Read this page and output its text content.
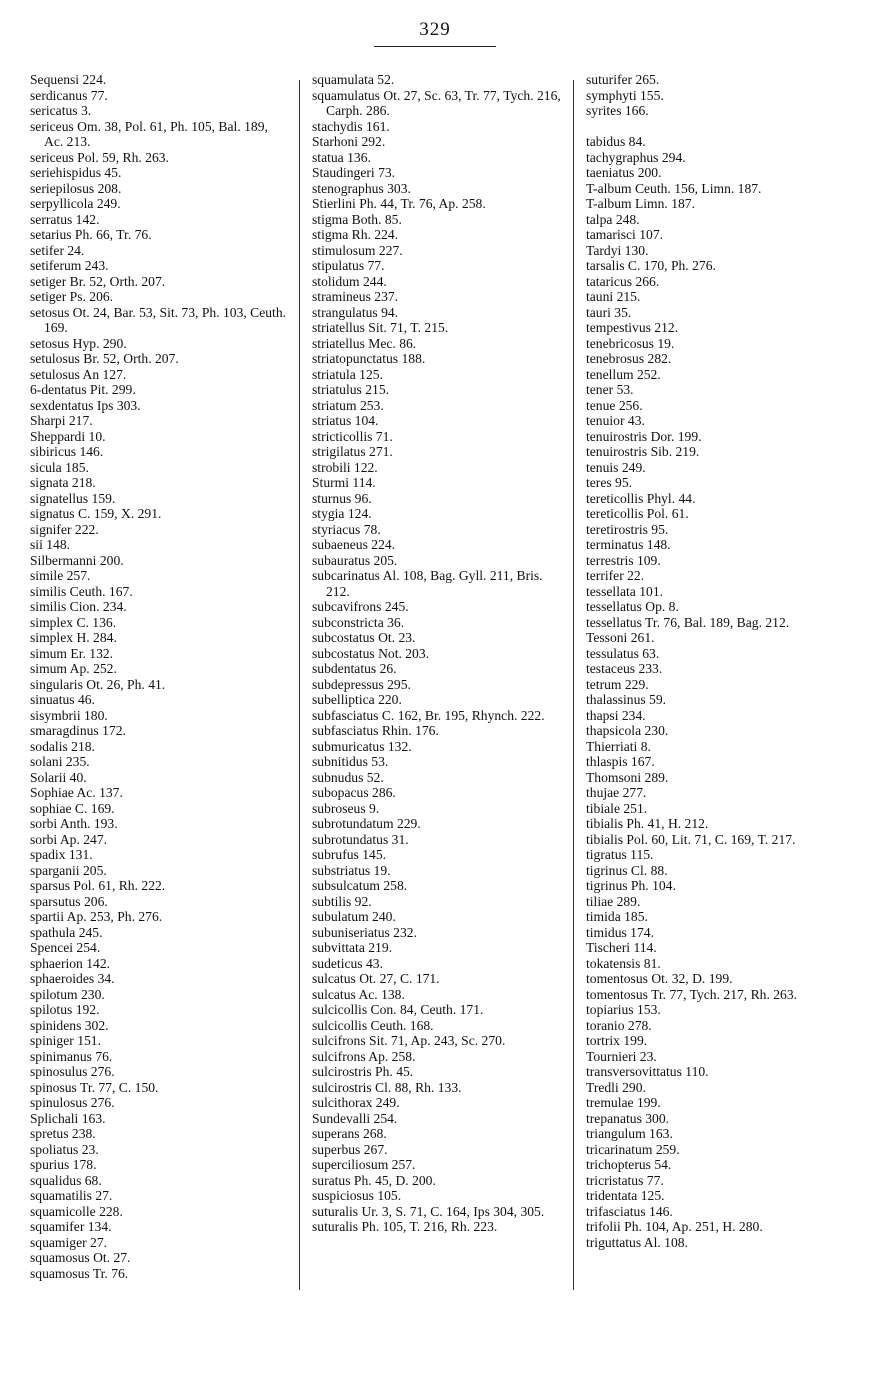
329
Sequensi 224.
serdicanus 77.
sericatus 3.
sericeus Om. 38, Pol. 61, Ph. 105, Bal. 189, Ac. 213.
sericeus Pol. 59, Rh. 263.
seriehispidus 45.
seriepilosus 208.
serpyllicola 249.
serratus 142.
setarius Ph. 66, Tr. 76.
setifer 24.
setiferum 243.
setiger Br. 52, Orth. 207.
setiger Ps. 206.
setosus Ot. 24, Bar. 53, Sit. 73, Ph. 103, Ceuth. 169.
setosus Hyp. 290.
setulosus Br. 52, Orth. 207.
setulosus An 127.
6-dentatus Pit. 299.
sexdentatus Ips 303.
Sharpi 217.
Sheppardi 10.
sibiricus 146.
sicula 185.
signata 218.
signatellus 159.
signatus C. 159, X. 291.
signifer 222.
sii 148.
Silbermanni 200.
simile 257.
similis Ceuth. 167.
similis Cion. 234.
simplex C. 136.
simplex H. 284.
simum Er. 132.
simum Ap. 252.
singularis Ot. 26, Ph. 41.
sinuatus 46.
sisymbrii 180.
smaragdinus 172.
sodalis 218.
solani 235.
Solarii 40.
Sophiae Ac. 137.
sophiae C. 169.
sorbi Anth. 193.
sorbi Ap. 247.
spadix 131.
sparganii 205.
sparsus Pol. 61, Rh. 222.
sparsutus 206.
spartii Ap. 253, Ph. 276.
spathula 245.
Spencei 254.
sphaerion 142.
sphaeroides 34.
spilotum 230.
spilotus 192.
spinidens 302.
spiniger 151.
spinimanus 76.
spinosulus 276.
spinosus Tr. 77, C. 150.
spinulosus 276.
Splichali 163.
spretus 238.
spoliatus 23.
spurius 178.
squalidus 68.
squamatilis 27.
squamicolle 228.
squamifer 134.
squamiger 27.
squamosus Ot. 27.
squamosus Tr. 76.
squamulata 52.
squamulatus Ot. 27, Sc. 63, Tr. 77, Tych. 216, Carph. 286.
stachydis 161.
Starhoni 292.
statua 136.
Staudingeri 73.
stenographus 303.
Stierlini Ph. 44, Tr. 76, Ap. 258.
stigma Both. 85.
stigma Rh. 224.
stimulosum 227.
stipulatus 77.
stolidum 244.
stramineus 237.
strangulatus 94.
striatellus Sit. 71, T. 215.
striatellus Mec. 86.
striatopunctatus 188.
striatula 125.
striatulus 215.
striatum 253.
striatus 104.
stricticollis 71.
strigilatus 271.
strobili 122.
Sturmi 114.
sturnus 96.
stygia 124.
styriacus 78.
subaeneus 224.
subauratus 205.
subcarinatus Al. 108, Bag. Gyll. 211, Bris. 212.
subcavifrons 245.
subconstricta 36.
subcostatus Ot. 23.
subcostatus Not. 203.
subdentatus 26.
subdepressus 295.
subelliptica 220.
subfasciatus C. 162, Br. 195, Rhynch. 222.
subfasciatus Rhin. 176.
submuricatus 132.
subnitidus 53.
subnudus 52.
subopacus 286.
subroseus 9.
subrotundatum 229.
subrotundatus 31.
subrufus 145.
substriatus 19.
subsulcatum 258.
subtilis 92.
subulatum 240.
subuniseriatus 232.
subvittata 219.
sudeticus 43.
sulcatus Ot. 27, C. 171.
sulcatus Ac. 138.
sulcicollis Con. 84, Ceuth. 171.
sulcicollis Ceuth. 168.
sulcifrons Sit. 71, Ap. 243, Sc. 270.
sulcifrons Ap. 258.
sulcirostris Ph. 45.
sulcirostris Cl. 88, Rh. 133.
sulcithorax 249.
Sundevalli 254.
superans 268.
superbus 267.
superciliosum 257.
suratus Ph. 45, D. 200.
suspiciosus 105.
suturalis Ur. 3, S. 71, C. 164, Ips 304, 305.
suturalis Ph. 105, T. 216, Rh. 223.
suturifer 265.
symphyti 155.
syrites 166.
tabidus 84.
tachygraphus 294.
taeniatus 200.
T-album Ceuth. 156, Limn. 187.
T-album Limn. 187.
talpa 248.
tamarisci 107.
Tardyi 130.
tarsalis C. 170, Ph. 276.
tataricus 266.
tauni 215.
tauri 35.
tempestivus 212.
tenebricosus 19.
tenebrosus 282.
tenellum 252.
tener 53.
tenue 256.
tenuior 43.
tenuirostris Dor. 199.
tenuirostris Sib. 219.
tenuis 249.
teres 95.
tereticollis Phyl. 44.
tereticollis Pol. 61.
teretirostris 95.
terminatus 148.
terrestris 109.
terrifer 22.
tessellata 101.
tessellatus Op. 8.
tessellatus Tr. 76, Bal. 189, Bag. 212.
Tessoni 261.
tessulatus 63.
testaceus 233.
tetrum 229.
thalassinus 59.
thapsi 234.
thapsicola 230.
Thierriati 8.
thlaspis 167.
Thomsoni 289.
thujae 277.
tibiale 251.
tibialis Ph. 41, H. 212.
tibialis Pol. 60, Lit. 71, C. 169, T. 217.
tigratus 115.
tigrinus Cl. 88.
tigrinus Ph. 104.
tiliae 289.
timida 185.
timidus 174.
Tischeri 114.
tokatensis 81.
tomentosus Ot. 32, D. 199.
tomentosus Tr. 77, Tych. 217, Rh. 263.
topiarius 153.
toranio 278.
tortrix 199.
Tournieri 23.
transversovittatus 110.
Tredli 290.
tremulae 199.
trepanatus 300.
triangulum 163.
tricarinatum 259.
trichopterus 54.
tricristatus 77.
tridentata 125.
trifasciatus 146.
trifolii Ph. 104, Ap. 251, H. 280.
triguttatus Al. 108.
